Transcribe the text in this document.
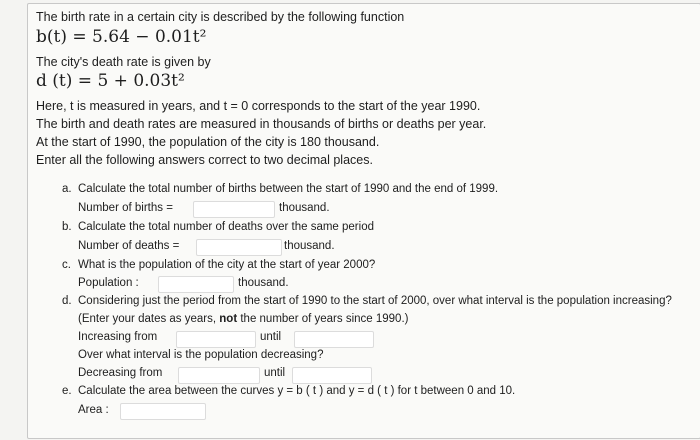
The birth rate in a certain city is described by the following function
b(t) = 5.64 − 0.01t²
The city's death rate is given by
d (t) = 5 + 0.03t²
Here, t is measured in years, and t = 0 corresponds to the start of the year 1990.
The birth and death rates are measured in thousands of births or deaths per year.
At the start of 1990, the population of the city is 180 thousand.
Enter all the following answers correct to two decimal places.
a. Calculate the total number of births between the start of 1990 and the end of 1999.
Number of births =	thousand.
b. Calculate the total number of deaths over the same period
Number of deaths =	thousand.
c. What is the population of the city at the start of year 2000?
Population :	thousand.
d. Considering just the period from the start of 1990 to the start of 2000, over what interval is the population increasing?
(Enter your dates as years, not the number of years since 1990.)
Increasing from	until
Over what interval is the population decreasing?
Decreasing from	until
e. Calculate the area between the curves y = b ( t ) and y = d ( t ) for t between 0 and 10.
Area :
